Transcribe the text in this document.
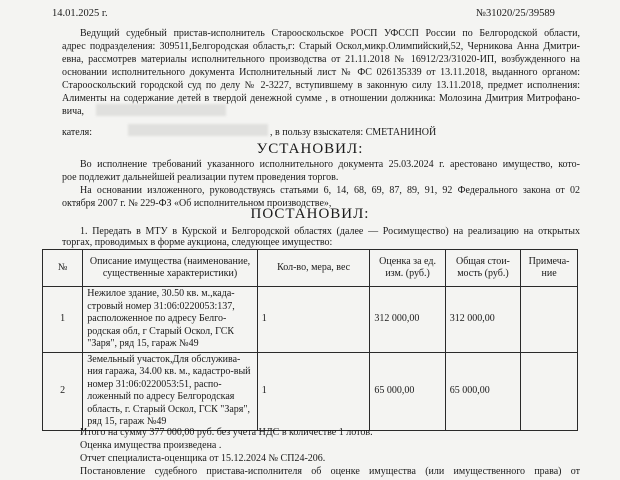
14.01.2025 г.	№31020/25/39589
Ведущий судебный пристав-исполнитель Старооскольское РОСП УФССП России по Белгородской области,
адрес подразделения: 309511,Белгородская область,г: Старый Оскол,микр.Олимпийский,52, Черникова Анна Дмитри-
евна, рассмотрев материалы исполнительного производства от 21.11.2018 № 16912/23/31020-ИП, возбужденного на
основании исполнительного документа Исполнительный лист № ФС 026135339 от 13.11.2018, выданного органом:
Старооскольский городской суд по делу № 2-3227, вступившему в законную силу 13.11.2018, предмет исполнения:
Алименты на содержание детей в твердой денежной сумме , в отношении должника: Молозина Дмитрия Митрофано-
вича,
кателя:	, в пользу взыскателя: СМЕТАНИНОЙ
УСТАНОВИЛ:
Во исполнение требований указанного исполнительного документа 25.03.2024 г. арестовано имущество, кото-
рое подлежит дальнейшей реализации путем проведения торгов.
На основании изложенного, руководствуясь статьями 6, 14, 68, 69, 87, 89, 91, 92 Федерального закона от 02
октября 2007 г. № 229-ФЗ «Об исполнительном производстве»,
ПОСТАНОВИЛ:
1. Передать в МТУ в Курской и Белгородской областях (далее — Росимущество) на реализацию на открытых
торгах, проводимых в форме аукциона, следующее имущество:
№	Описание имущества (наименование, существенные характеристики)	Кол-во, мера, вес	Оценка за ед. изм. (руб.)	Общая стои-мость (руб.)	Примеча-ние
1	Нежилое здание, 30.50 кв. м.,када-стровый номер 31:06:0220053:137, расположенное по адресу Белго-родская обл, г Старый Оскол, ГСК "Заря", ряд 15, гараж №49	1	312 000,00	312 000,00	
2	Земельный участок,Для обслужива-ния гаража, 34.00 кв. м., кадастро-вый номер 31:06:0220053:51, распо-ложенный по адресу Белгородская область, г. Старый Оскол, ГСК "Заря", ряд 15, гараж №49	1	65 000,00	65 000,00	
Итого на сумму 377 000,00 руб. без учета НДС в количестве 1 лотов.
Оценка имущества произведена .
Отчет специалиста-оценщика от 15.12.2024 № СП24-206.
Постановление судебного пристава-исполнителя об оценке имущества (или имущественного права) от
